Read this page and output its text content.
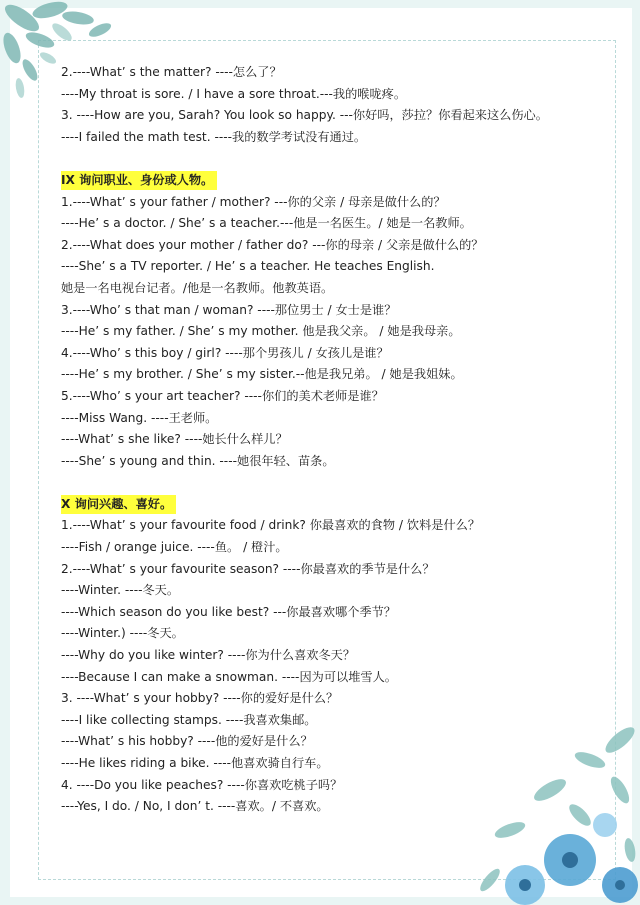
2.----What’ s the matter? ----怎么了？
----My throat is sore. / I have a sore throat.---我的喉咙疼。
3. ----How are you, Sarah? You look so happy. ---你好吗，莎拉？你看起来这么伤心。
----I failed the math test. ----我的数学考试没有通过。
IX 询问职业、身份或人物。
1.----What’ s your father / mother? ---你的父亲 / 母亲是做什么的？
----He’ s a doctor. / She’ s a teacher.---他是一名医生。/ 她是一名教师。
2.----What does your mother / father do? ---你的母亲 / 父亲是做什么的？
----She’ s a TV reporter. / He’ s a teacher. He teaches English.
她是一名电视台记者。/他是一名教师。他教英语。
3.----Who’ s that man / woman? ----那位男士 / 女士是谁？
----He’ s my father. / She’ s my mother. 他是我父亲。 / 她是我母亲。
4.----Who’ s this boy / girl? ----那个男孩儿 / 女孩儿是谁？
----He’ s my brother. / She’ s my sister.--他是我兄弟。 / 她是我姐妹。
5.----Who’ s your art teacher? ----你们的美术老师是谁？
----Miss Wang. ----王老师。
----What’ s she like? ----她长什么样儿？
----She’ s young and thin. ----她很年轻、苗条。
X 询问兴趣、喜好。
1.----What’ s your favourite food / drink? 你最喜欢的食物 / 饮料是什么？
----Fish / orange juice. ----鱼。 / 橙汁。
2.----What’ s your favourite season? ----你最喜欢的季节是什么？
----Winter. ----冬天。
----Which season do you like best? ---你最喜欢哪个季节？
----Winter.) ----冬天。
----Why do you like winter? ----你为什么喜欢冬天？
----Because I can make a snowman. ----因为可以堆雪人。
3. ----What’ s your hobby? ----你的爱好是什么？
----I like collecting stamps. ----我喜欢集邮。
----What’ s his hobby? ----他的爱好是什么？
----He likes riding a bike. ----他喜欢骑自行车。
4. ----Do you like peaches? ----你喜欢吃桃子吗？
----Yes, I do. / No, I don’ t. ----喜欢。/ 不喜欢。
